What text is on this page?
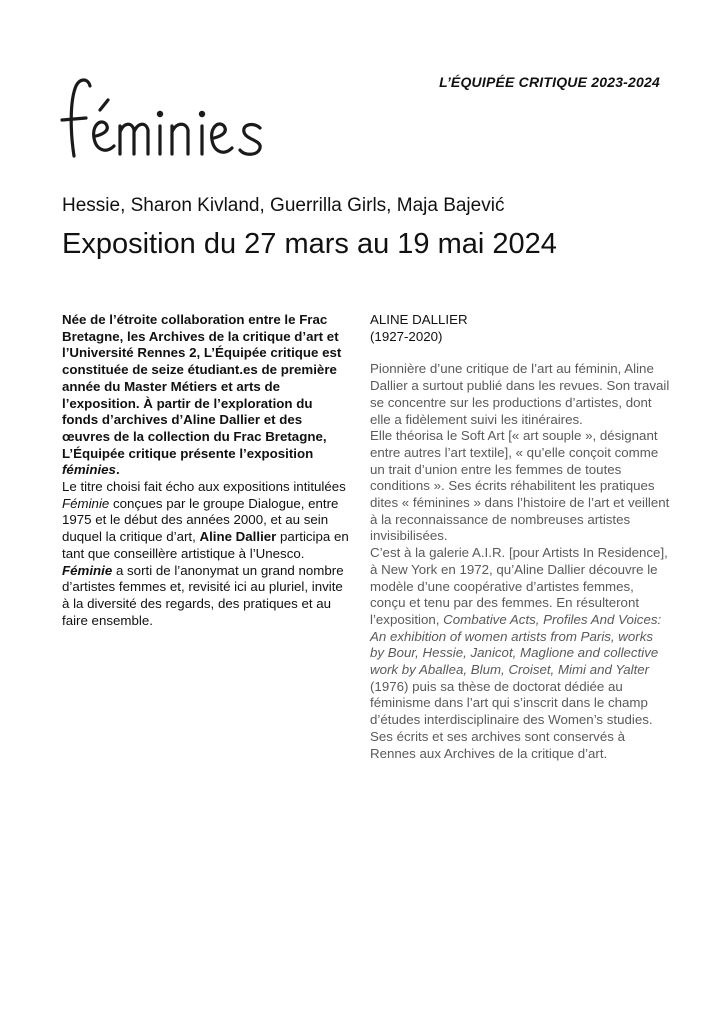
L’ÉQUIPÉE CRITIQUE 2023-2024
Hessie, Sharon Kivland, Guerrilla Girls, Maja Bajević
Exposition du 27 mars au 19 mai 2024

Née de l’étroite collaboration entre le Frac Bretagne, les Archives de la critique d’art et l’Université Rennes 2, L’Équipée critique est constituée de seize étudiant.es de première année du Master Métiers et arts de l’exposition. À partir de l’exploration du fonds d’archives d’Aline Dallier et des œuvres de la collection du Frac Bretagne, L’Équipée critique présente l’exposition féminies.

Le titre choisi fait écho aux expositions intitulées Féminie conçues par le groupe Dialogue, entre 1975 et le début des années 2000, et au sein duquel la critique d’art, Aline Dallier participa en tant que conseillère artistique à l’Unesco. Féminie a sorti de l’anonymat un grand nombre d’artistes femmes et, revisité ici au pluriel, invite à la diversité des regards, des pratiques et au faire ensemble.

ALINE DALLIER
(1927-2020)

Pionnière d’une critique de l’art au féminin, Aline Dallier a surtout publié dans les revues. Son travail se concentre sur les productions d’artistes, dont elle a fidèlement suivi les itinéraires.

Elle théorisa le Soft Art [« art souple », désignant entre autres l’art textile], « qu’elle conçoit comme un trait d’union entre les femmes de toutes conditions ». Ses écrits réhabilitent les pratiques dites « féminines » dans l’histoire de l’art et veillent à la reconnaissance de nombreuses artistes invisibilisées.

C’est à la galerie A.I.R. [pour Artists In Residence], à New York en 1972, qu’Aline Dallier découvre le modèle d’une coopérative d’artistes femmes, conçu et tenu par des femmes. En résulteront l’exposition, Combative Acts, Profiles And Voices: An exhibition of women artists from Paris, works by Bour, Hessie, Janicot, Maglione and collective work by Aballea, Blum, Croiset, Mimi and Yalter (1976) puis sa thèse de doctorat dédiée au féminisme dans l’art qui s’inscrit dans le champ d’études interdisciplinaire des Women’s studies. Ses écrits et ses archives sont conservés à Rennes aux Archives de la critique d’art.
